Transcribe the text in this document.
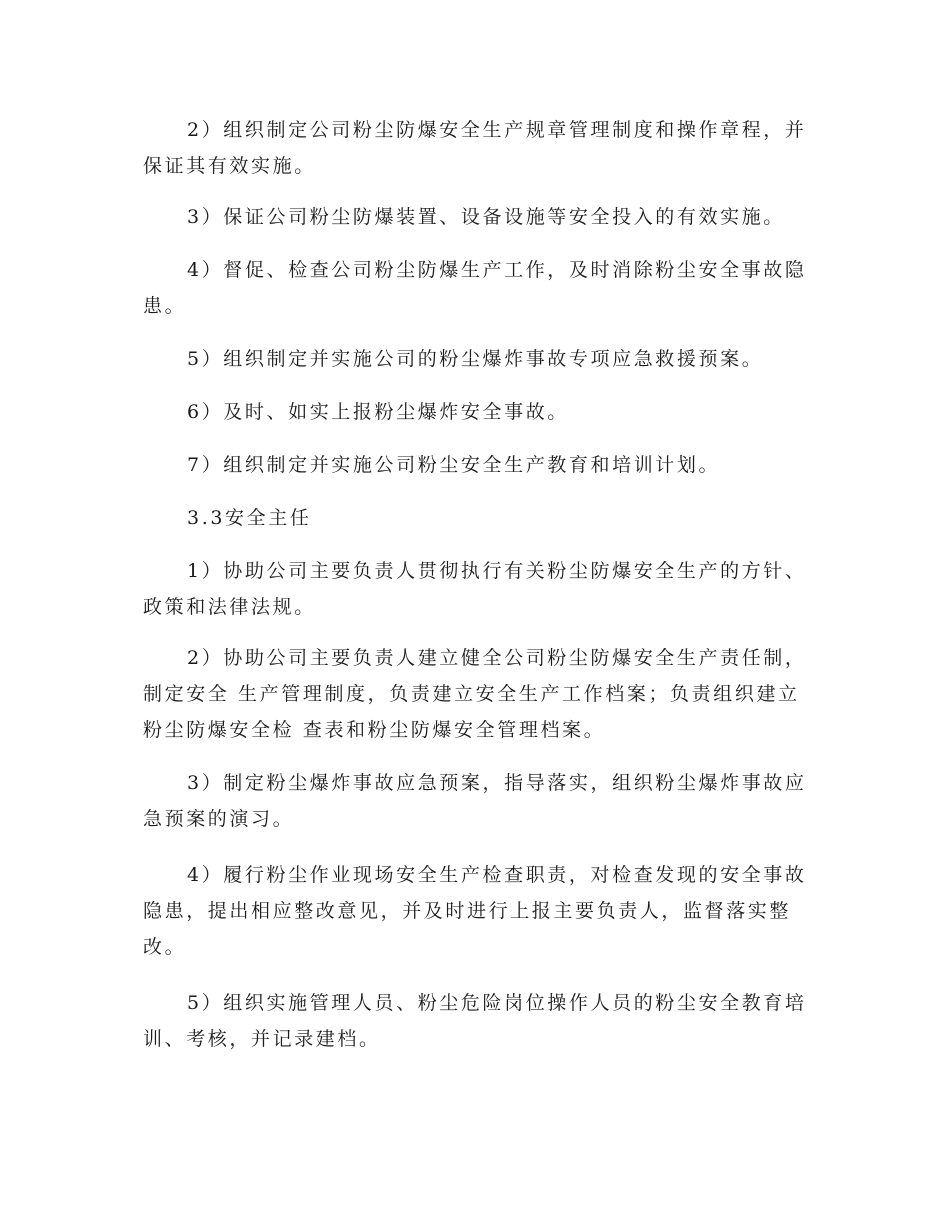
2）组织制定公司粉尘防爆安全生产规章管理制度和操作章程，并
保证其有效实施。

3）保证公司粉尘防爆装置、设备设施等安全投入的有效实施。

4）督促、检查公司粉尘防爆生产工作，及时消除粉尘安全事故隐
患。

5）组织制定并实施公司的粉尘爆炸事故专项应急救援预案。

6）及时、如实上报粉尘爆炸安全事故。

7）组织制定并实施公司粉尘安全生产教育和培训计划。

3.3安全主任

1）协助公司主要负责人贯彻执行有关粉尘防爆安全生产的方针、
政策和法律法规。

2）协助公司主要负责人建立健全公司粉尘防爆安全生产责任制，
制定安全 生产管理制度，负责建立安全生产工作档案；负责组织建立
粉尘防爆安全检 查表和粉尘防爆安全管理档案。

3）制定粉尘爆炸事故应急预案，指导落实，组织粉尘爆炸事故应
急预案的演习。

4）履行粉尘作业现场安全生产检查职责，对检查发现的安全事故
隐患，提出相应整改意见，并及时进行上报主要负责人，监督落实整
改。

5）组织实施管理人员、粉尘危险岗位操作人员的粉尘安全教育培
训、考核，并记录建档。
